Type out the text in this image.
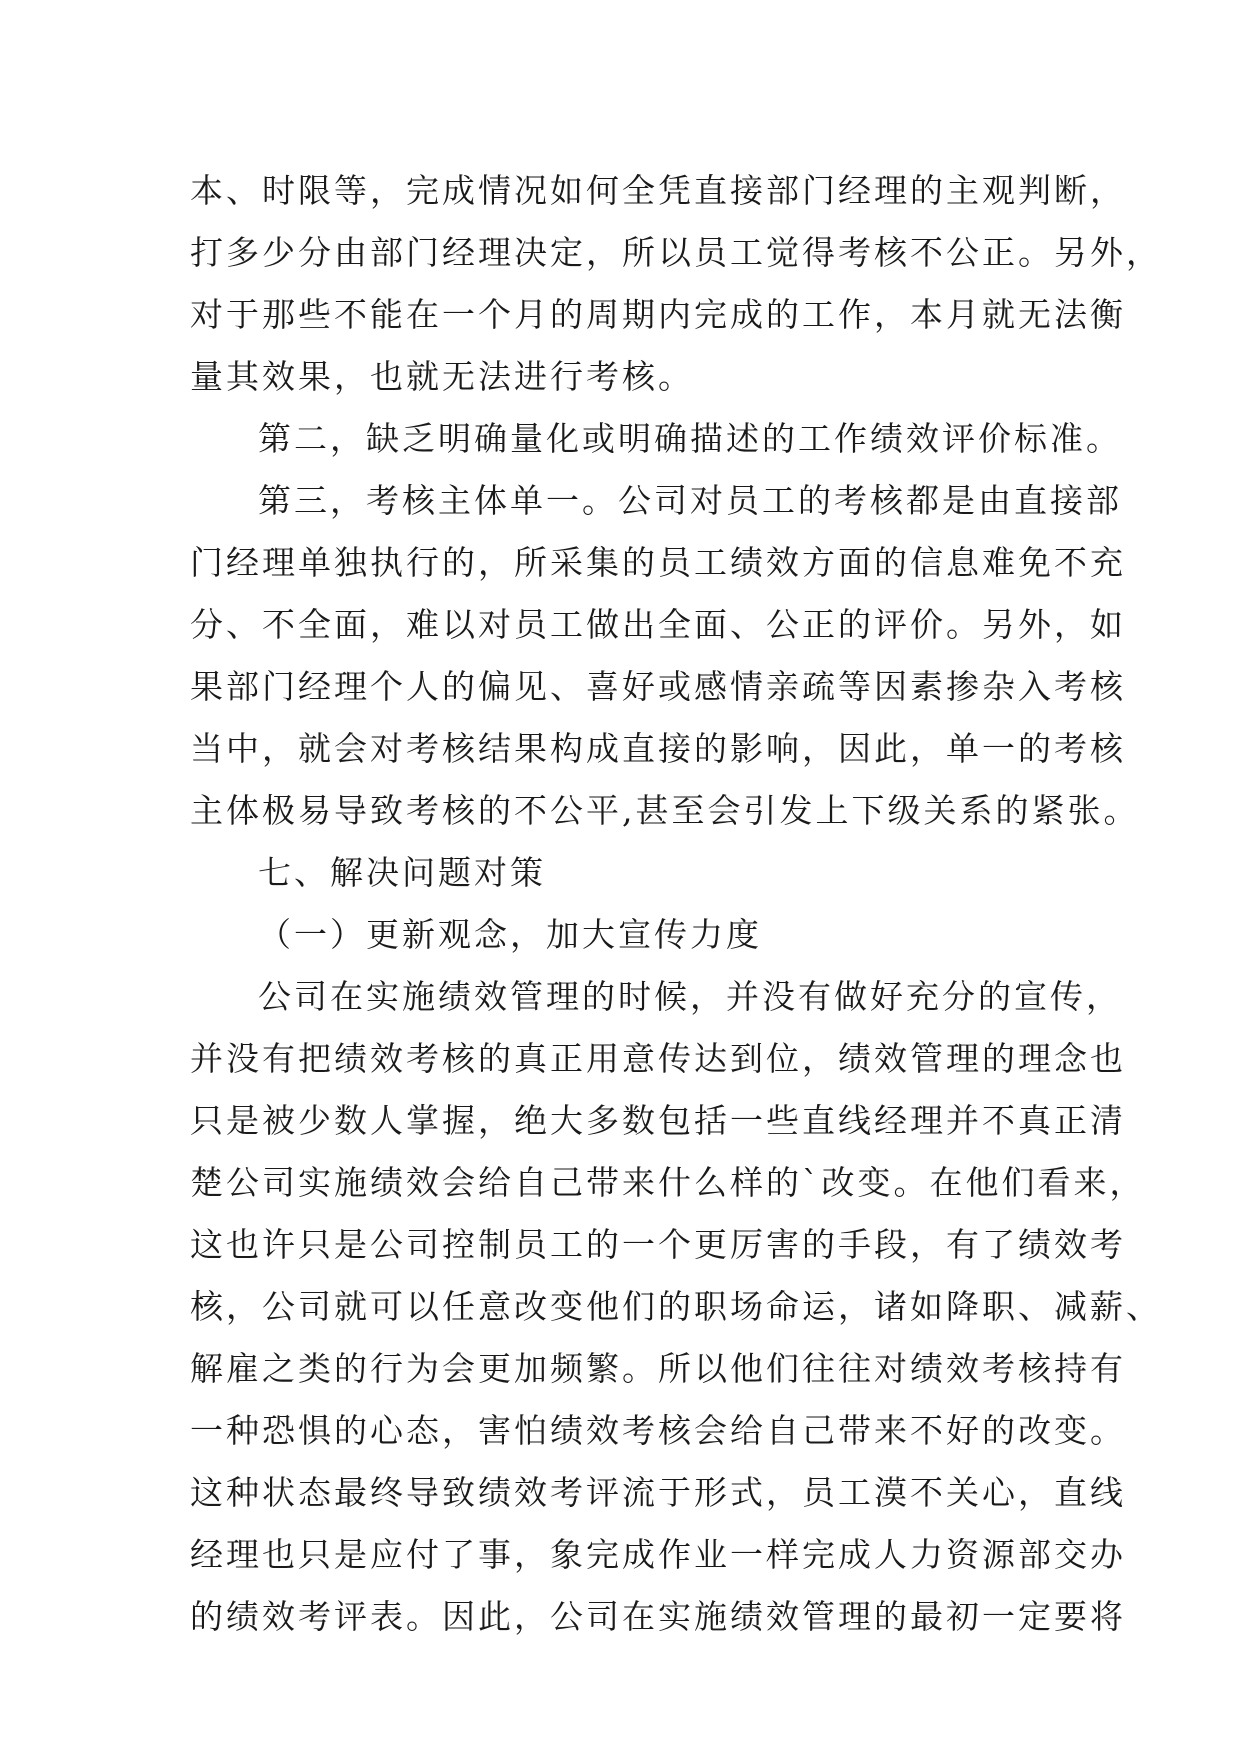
本、时限等，完成情况如何全凭直接部门经理的主观判断，
打多少分由部门经理决定，所以员工觉得考核不公正。另外，
对于那些不能在一个月的周期内完成的工作，本月就无法衡
量其效果，也就无法进行考核。
第二，缺乏明确量化或明确描述的工作绩效评价标准。
第三，考核主体单一。公司对员工的考核都是由直接部
门经理单独执行的，所采集的员工绩效方面的信息难免不充
分、不全面，难以对员工做出全面、公正的评价。另外，如
果部门经理个人的偏见、喜好或感情亲疏等因素掺杂入考核
当中，就会对考核结果构成直接的影响，因此，单一的考核
主体极易导致考核的不公平,甚至会引发上下级关系的紧张。
七、解决问题对策
（一）更新观念，加大宣传力度
公司在实施绩效管理的时候，并没有做好充分的宣传，
并没有把绩效考核的真正用意传达到位，绩效管理的理念也
只是被少数人掌握，绝大多数包括一些直线经理并不真正清
楚公司实施绩效会给自己带来什么样的`改变。在他们看来，
这也许只是公司控制员工的一个更厉害的手段，有了绩效考
核，公司就可以任意改变他们的职场命运，诸如降职、减薪、
解雇之类的行为会更加频繁。所以他们往往对绩效考核持有
一种恐惧的心态，害怕绩效考核会给自己带来不好的改变。
这种状态最终导致绩效考评流于形式，员工漠不关心，直线
经理也只是应付了事，象完成作业一样完成人力资源部交办
的绩效考评表。因此，公司在实施绩效管理的最初一定要将
